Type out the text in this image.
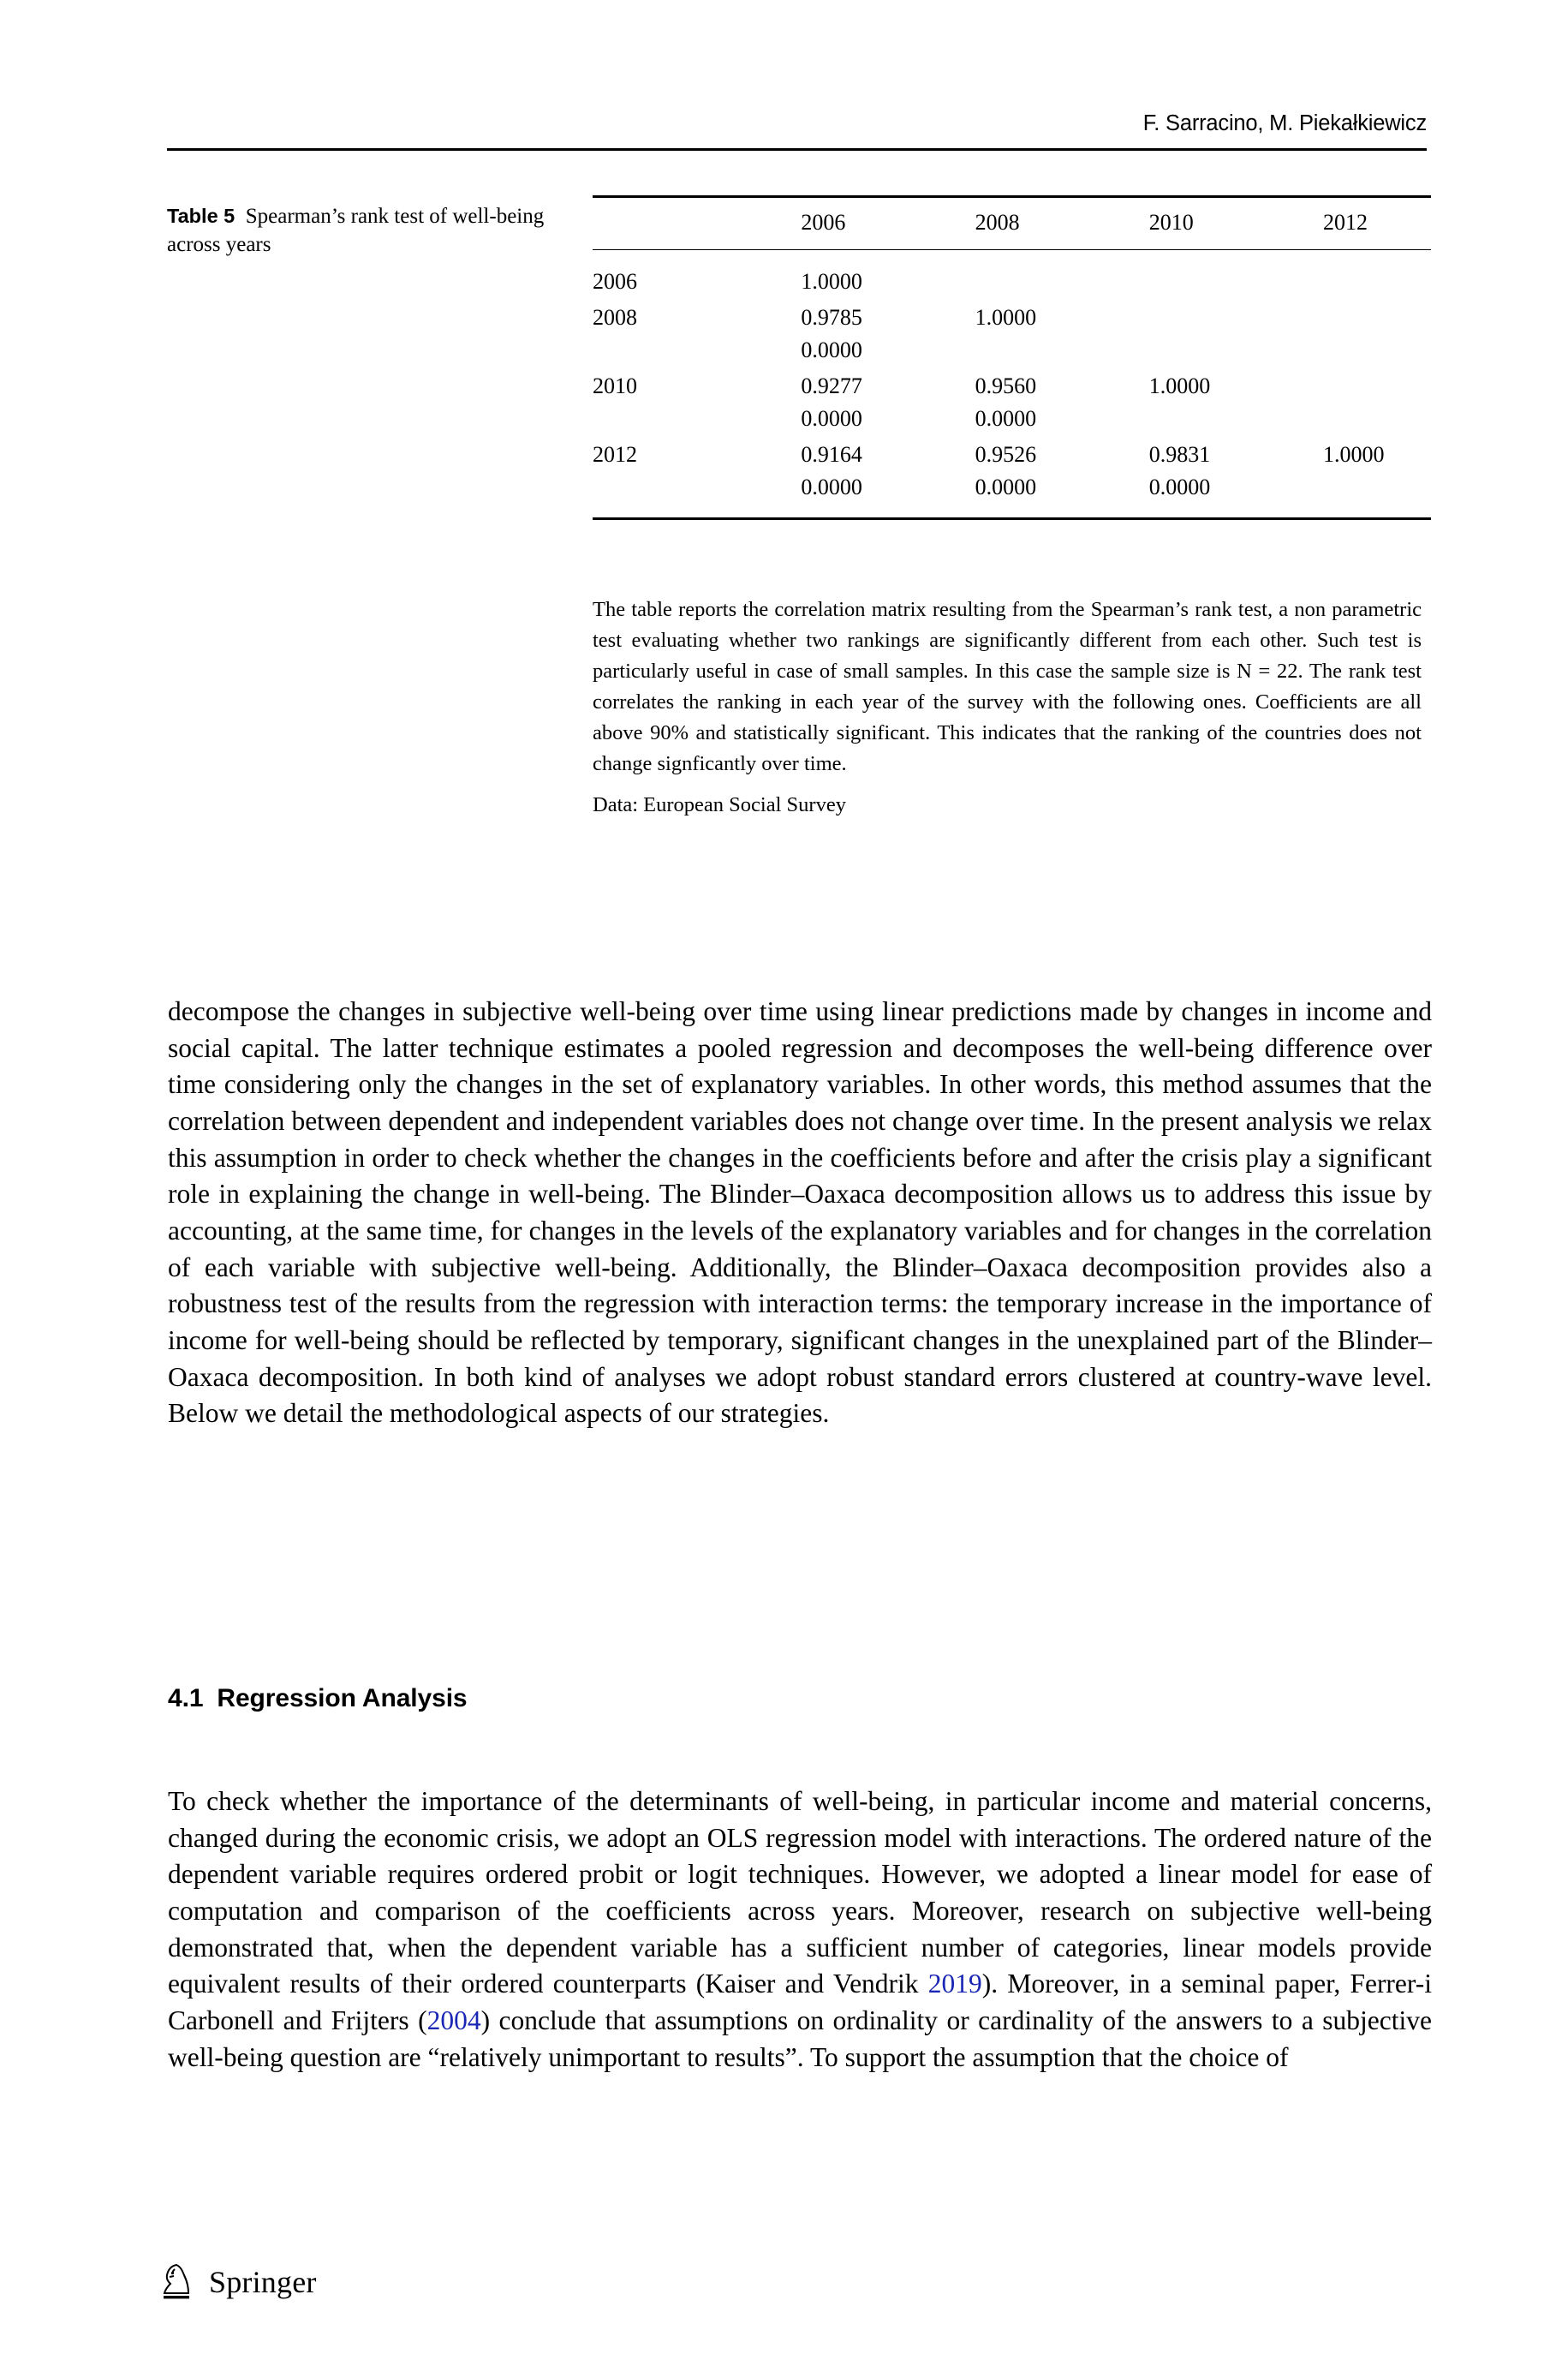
F. Sarracino, M. Piekałkiewicz
Table 5 Spearman’s rank test of well-being across years
	2006	2008	2010	2012
2006	1.0000			
2008	0.9785	1.0000		
	0.0000			
2010	0.9277	0.9560	1.0000	
	0.0000	0.0000		
2012	0.9164	0.9526	0.9831	1.0000
	0.0000	0.0000	0.0000	

The table reports the correlation matrix resulting from the Spearman’s rank test, a non parametric test evaluating whether two rankings are significantly different from each other. Such test is particularly useful in case of small samples. In this case the sample size is N = 22. The rank test correlates the ranking in each year of the survey with the following ones. Coefficients are all above 90% and statistically significant. This indicates that the ranking of the countries does not change signficantly over time.

Data: European Social Survey

decompose the changes in subjective well-being over time using linear predictions made by changes in income and social capital. The latter technique estimates a pooled regression and decomposes the well-being difference over time considering only the changes in the set of explanatory variables. In other words, this method assumes that the correlation between dependent and independent variables does not change over time. In the present analysis we relax this assumption in order to check whether the changes in the coefficients before and after the crisis play a significant role in explaining the change in well-being. The Blinder–Oaxaca decomposition allows us to address this issue by accounting, at the same time, for changes in the levels of the explanatory variables and for changes in the correlation of each variable with subjective well-being. Additionally, the Blinder–Oaxaca decomposition provides also a robustness test of the results from the regression with interaction terms: the temporary increase in the importance of income for well-being should be reflected by temporary, significant changes in the unexplained part of the Blinder–Oaxaca decomposition. In both kind of analyses we adopt robust standard errors clustered at country-wave level. Below we detail the methodological aspects of our strategies.

4.1 Regression Analysis

To check whether the importance of the determinants of well-being, in particular income and material concerns, changed during the economic crisis, we adopt an OLS regression model with interactions. The ordered nature of the dependent variable requires ordered probit or logit techniques. However, we adopted a linear model for ease of computation and comparison of the coefficients across years. Moreover, research on subjective well-being demonstrated that, when the dependent variable has a sufficient number of categories, linear models provide equivalent results of their ordered counterparts (Kaiser and Vendrik 2019). Moreover, in a seminal paper, Ferrer-i Carbonell and Frijters (2004) conclude that assumptions on ordinality or cardinality of the answers to a subjective well-being question are “relatively unimportant to results”. To support the assumption that the choice of

Springer
